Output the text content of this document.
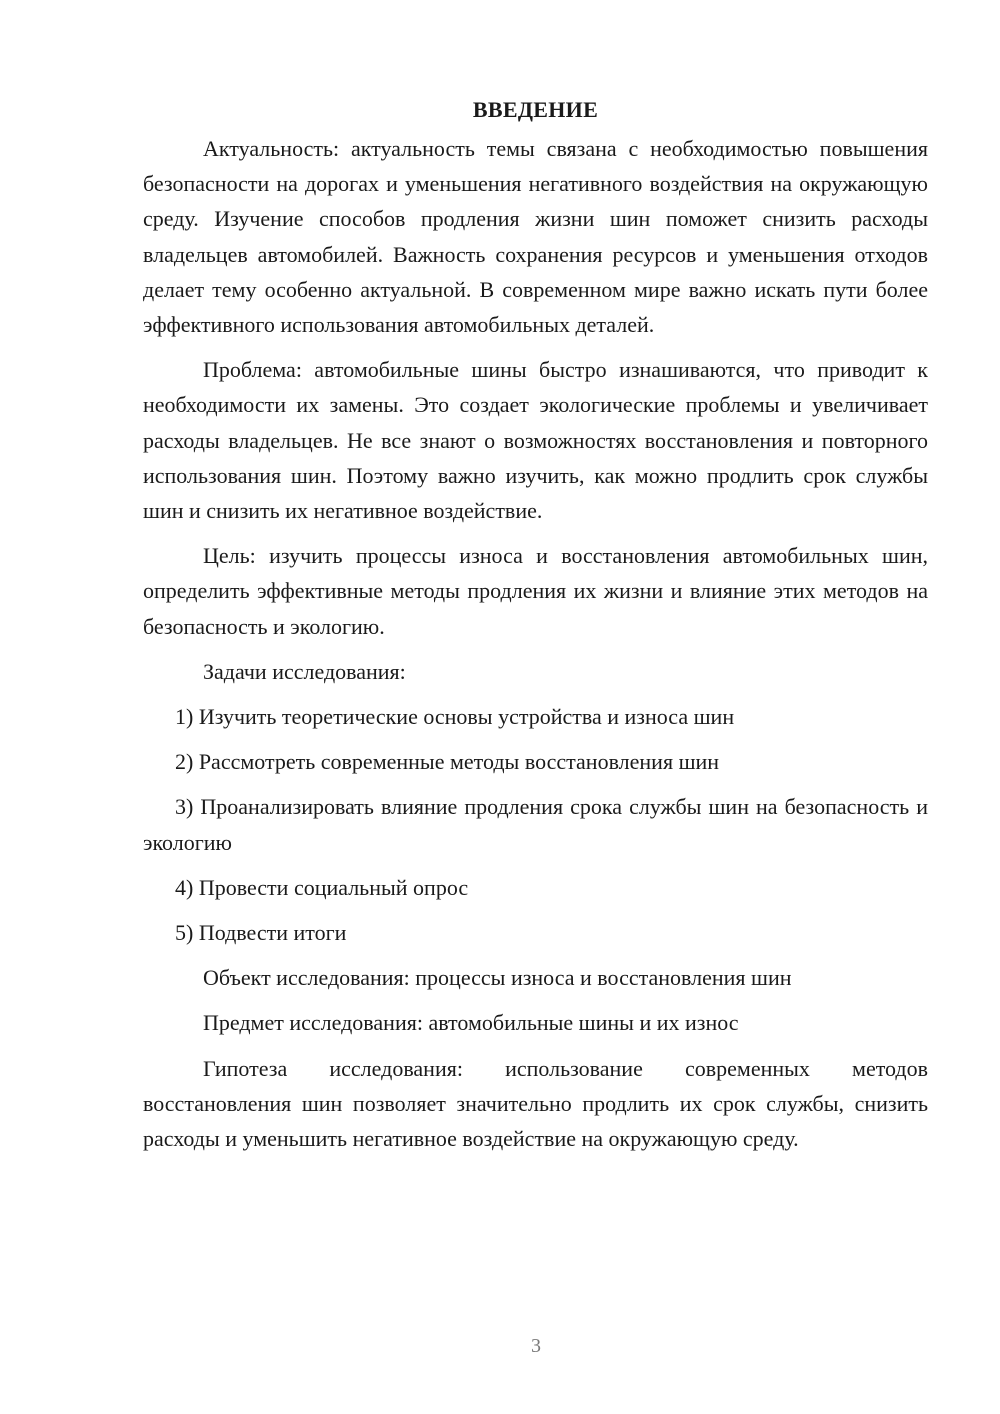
ВВЕДЕНИЕ

Актуальность: актуальность темы связана с необходимостью повышения безопасности на дорогах и уменьшения негативного воздействия на окружающую среду. Изучение способов продления жизни шин поможет снизить расходы владельцев автомобилей. Важность сохранения ресурсов и уменьшения отходов делает тему особенно актуальной. В современном мире важно искать пути более эффективного использования автомобильных деталей.

Проблема: автомобильные шины быстро изнашиваются, что приводит к необходимости их замены. Это создает экологические проблемы и увеличивает расходы владельцев. Не все знают о возможностях восстановления и повторного использования шин. Поэтому важно изучить, как можно продлить срок службы шин и снизить их негативное воздействие.

Цель: изучить процессы износа и восстановления автомобильных шин, определить эффективные методы продления их жизни и влияние этих методов на безопасность и экологию.

Задачи исследования:

1) Изучить теоретические основы устройства и износа шин

2) Рассмотреть современные методы восстановления шин

3) Проанализировать влияние продления срока службы шин на безопасность и экологию

4) Провести социальный опрос

5) Подвести итоги

Объект исследования: процессы износа и восстановления шин

Предмет исследования: автомобильные шины и их износ

Гипотеза исследования: использование современных методов восстановления шин позволяет значительно продлить их срок службы, снизить расходы и уменьшить негативное воздействие на окружающую среду.

3
